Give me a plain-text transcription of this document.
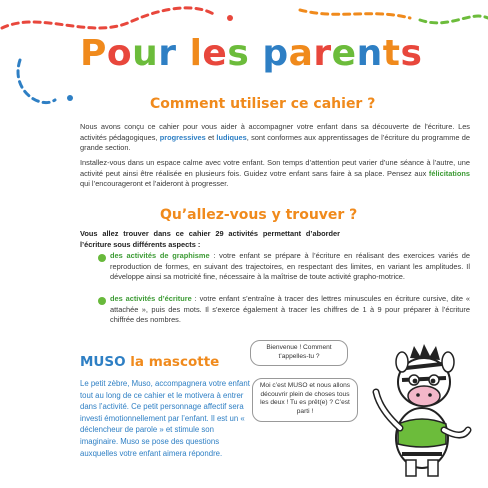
Pour les parents
Comment utiliser ce cahier ?
Nous avons conçu ce cahier pour vous aider à accompagner votre enfant dans sa découverte de l’écriture. Les activités pédagogiques, progressives et ludiques, sont conformes aux apprentissages de l’écriture du programme de grande section.
Installez-vous dans un espace calme avec votre enfant. Son temps d’attention peut varier d’une séance à l’autre, une activité peut ainsi être réalisée en plusieurs fois. Guidez votre enfant sans faire à sa place. Pensez aux félicitations qui l’encourageront et l’aideront à progresser.
Qu’allez-vous y trouver ?
Vous allez trouver dans ce cahier 29 activités permettant d’aborder l’écriture sous différents aspects :
des activités de graphisme : votre enfant se prépare à l’écriture en réalisant des exercices variés de reproduction de formes, en suivant des trajectoires, en respectant des limites, en variant les amplitudes. Il développe ainsi sa motricité fine, nécessaire à la maîtrise de toute activité grapho-motrice.
des activités d’écriture : votre enfant s’entraîne à tracer des lettres minuscules en écriture cursive, dite « attachée », puis des mots. Il s’exerce également à tracer les chiffres de 1 à 9 pour préparer à l’écriture chiffrée des nombres.
MUSO la mascotte
Le petit zèbre, Muso, accompagnera votre enfant tout au long de ce cahier et le motivera à entrer dans l’activité. Ce petit personnage affectif sera investi émotionnellement par l’enfant. Il est un « déclencheur de parole » et stimule son imaginaire. Muso se pose des questions auxquelles votre enfant aimera répondre.
Bienvenue ! Comment t’appelles-tu ?
Moi c’est MUSO et nous allons découvrir plein de choses tous les deux ! Tu es prêt(e) ? C’est parti !
